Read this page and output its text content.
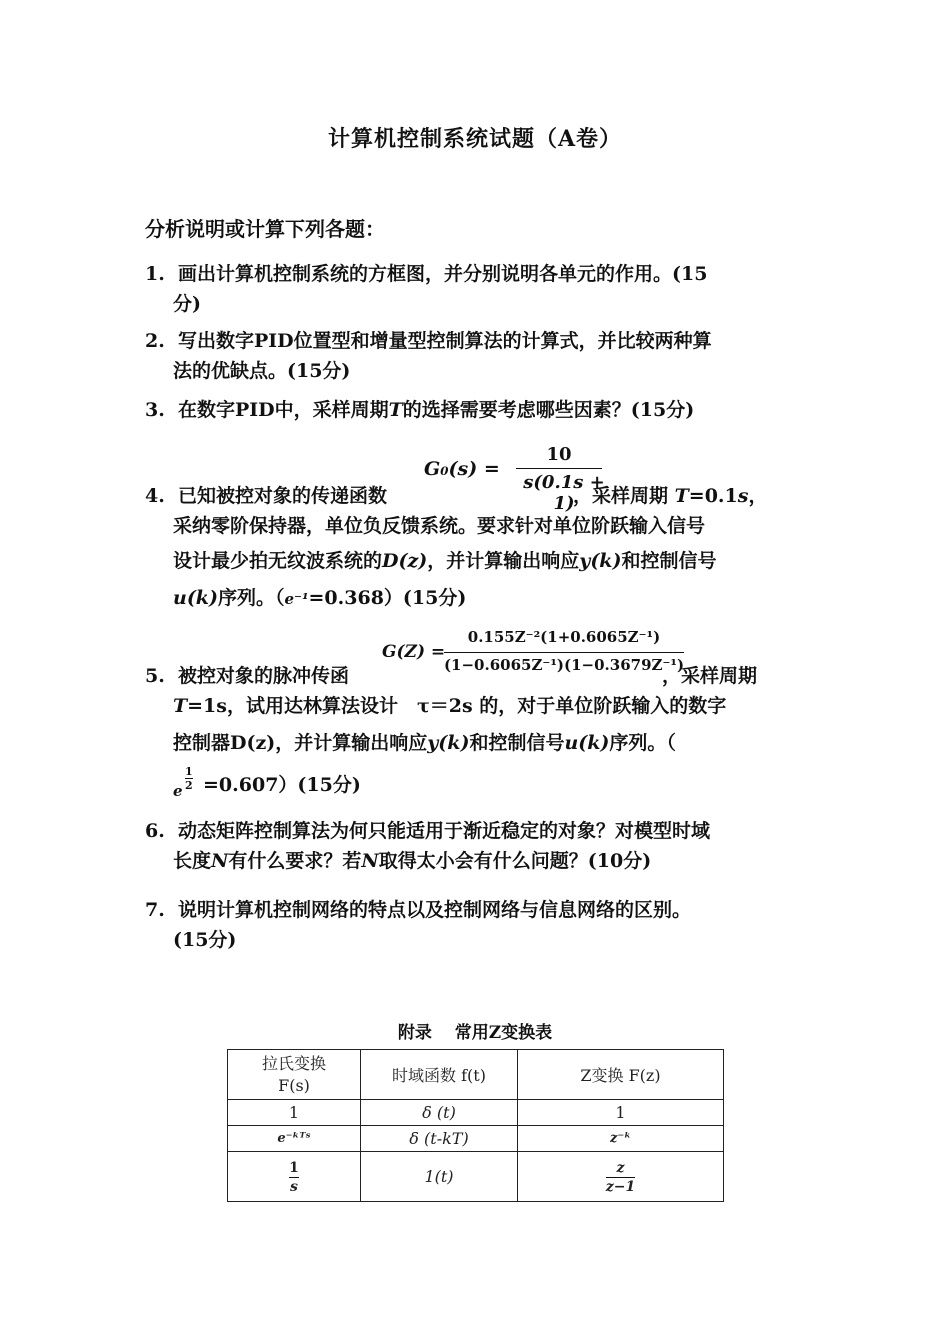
计算机控制系统试题（A卷）
分析说明或计算下列各题：
1. 画出计算机控制系统的方框图，并分别说明各单元的作用。(15
分)
2. 写出数字PID位置型和增量型控制算法的计算式，并比较两种算
法的优缺点。(15分)
3. 在数字PID中，采样周期T的选择需要考虑哪些因素？(15分)
G₀(s) =
10
s(0.1s + 1)
4. 已知被控对象的传递函数	，采样周期 T=0.1s，
采纳零阶保持器，单位负反馈系统。要求针对单位阶跃输入信号
设计最少拍无纹波系统的D(z)，并计算输出响应y(k)和控制信号
u(k)序列。（e⁻¹=0.368）(15分)
G(Z) =
0.155Z⁻²(1+0.6065Z⁻¹)
(1−0.6065Z⁻¹)(1−0.3679Z⁻¹)
5. 被控对象的脉冲传函	，采样周期
T=1s，试用达林算法设计　τ＝2s 的，对于单位阶跃输入的数字
控制器D(z)，并计算输出响应y(k)和控制信号u(k)序列。（
e
1
2 =0.607）(15分)
6. 动态矩阵控制算法为何只能适用于渐近稳定的对象？对模型时域
长度N有什么要求？若N取得太小会有什么问题？(10分)
7. 说明计算机控制网络的特点以及控制网络与信息网络的区别。
(15分)
附录　 常用Z变换表
拉氏变换
F(s)	时域函数 f(t)	Z变换 F(z)
1	δ (t)	1
e⁻ᵏᵀˢ	δ (t-kT)	z⁻ᵏ

$\frac{1}{s}$	1(t)	$\frac{z}{z-1}$
